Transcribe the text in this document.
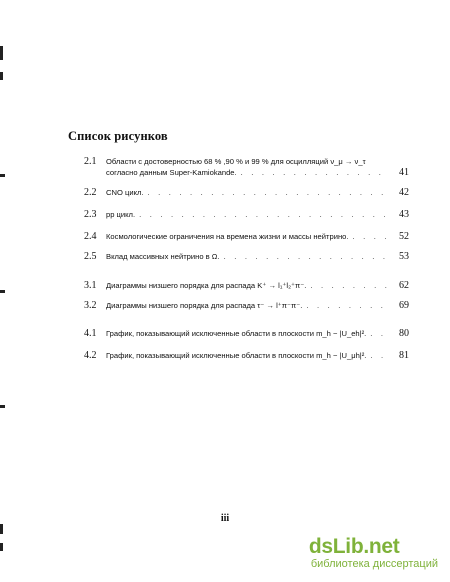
Список рисунков
2.1 Области с достоверностью 68 % ,90 % и 99 % для осцилляций ν_μ → ν_τ
согласно данным Super-Kamiokande. . . .	41
2.2 CNO цикл. . . .	42
2.3 pp цикл. . . .	43
2.4 Космологические ограничения на времена жизни и массы нейтрино. . . .	52
2.5 Вклад массивных нейтрино в Ω. . . .	53
3.1 Диаграммы низшего порядка для распада K⁺ → l₁⁺l₂⁺π⁻. . . .	62
3.2 Диаграммы низшего порядка для распада τ⁻ → l⁺π⁻π⁻. . . .	69
4.1 График, показывающий исключенные области в плоскости m_h − |U_eh|². . . .	80
4.2 График, показывающий исключенные области в плоскости m_h − |U_μh|². . . .	81
iii
dsLib.net
библиотека диссертаций
